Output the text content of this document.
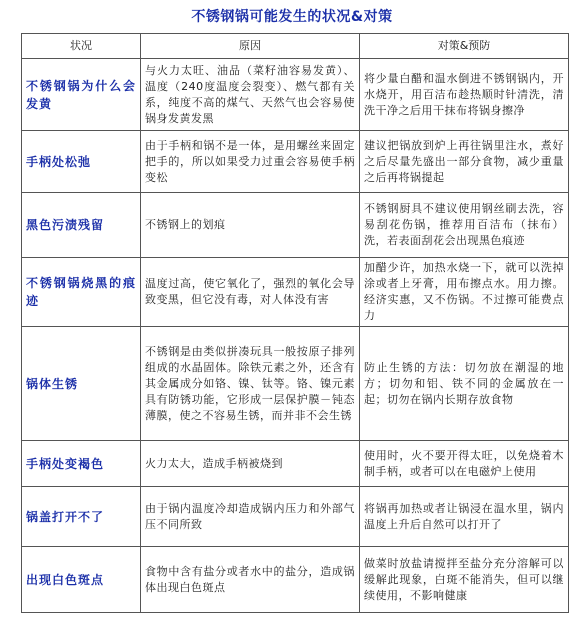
不锈钢锅可能发生的状况&对策
状况	原因	对策&预防
不锈钢锅为什么会发黄	与火力太旺、油品（菜籽油容易发黄）、温度（240度温度会裂变）、燃气都有关系，纯度不高的煤气、天然气也会容易使锅身发黄发黑	将少量白醋和温水倒进不锈钢锅内，开水烧开，用百洁布趁热顺时针清洗，清洗干净之后用干抹布将锅身擦净
手柄处松弛	由于手柄和锅不是一体，是用螺丝来固定把手的，所以如果受力过重会容易使手柄变松	建议把锅放到炉上再往锅里注水，煮好之后尽量先盛出一部分食物，减少重量之后再将锅提起
黑色污渍残留	不锈钢上的划痕	不锈钢厨具不建议使用钢丝刷去洗，容易刮花伤锅，推荐用百洁布（抹布）洗，若表面刮花会出现黑色痕迹
不锈钢锅烧黑的痕迹	温度过高，使它氧化了，强烈的氧化会导致变黑，但它没有毒，对人体没有害	加醋少许，加热水烧一下，就可以洗掉涂或者上牙膏，用布擦点水。用力擦。经济实惠，又不伤锅。不过擦可能费点力
锅体生锈	不锈钢是由类似拼凑玩具一般按原子排列组成的水晶固体。除铁元素之外，还含有其金属成分如铬、镍、钛等。铬、镍元素具有防锈功能，它形成一层保护膜－钝态薄膜，使之不容易生锈，而并非不会生锈	防止生锈的方法：切勿放在潮湿的地方；切勿和铝、铁不同的金属放在一起；切勿在锅内长期存放食物
手柄处变褐色	火力太大，造成手柄被烧到	使用时，火不要开得太旺，以免烧着木制手柄，或者可以在电磁炉上使用
锅盖打开不了	由于锅内温度冷却造成锅内压力和外部气压不同所致	将锅再加热或者让锅浸在温水里，锅内温度上升后自然可以打开了
出现白色斑点	食物中含有盐分或者水中的盐分，造成锅体出现白色斑点	做菜时放盐请搅拌至盐分充分溶解可以缓解此现象，白斑不能消失，但可以继续使用，不影响健康
